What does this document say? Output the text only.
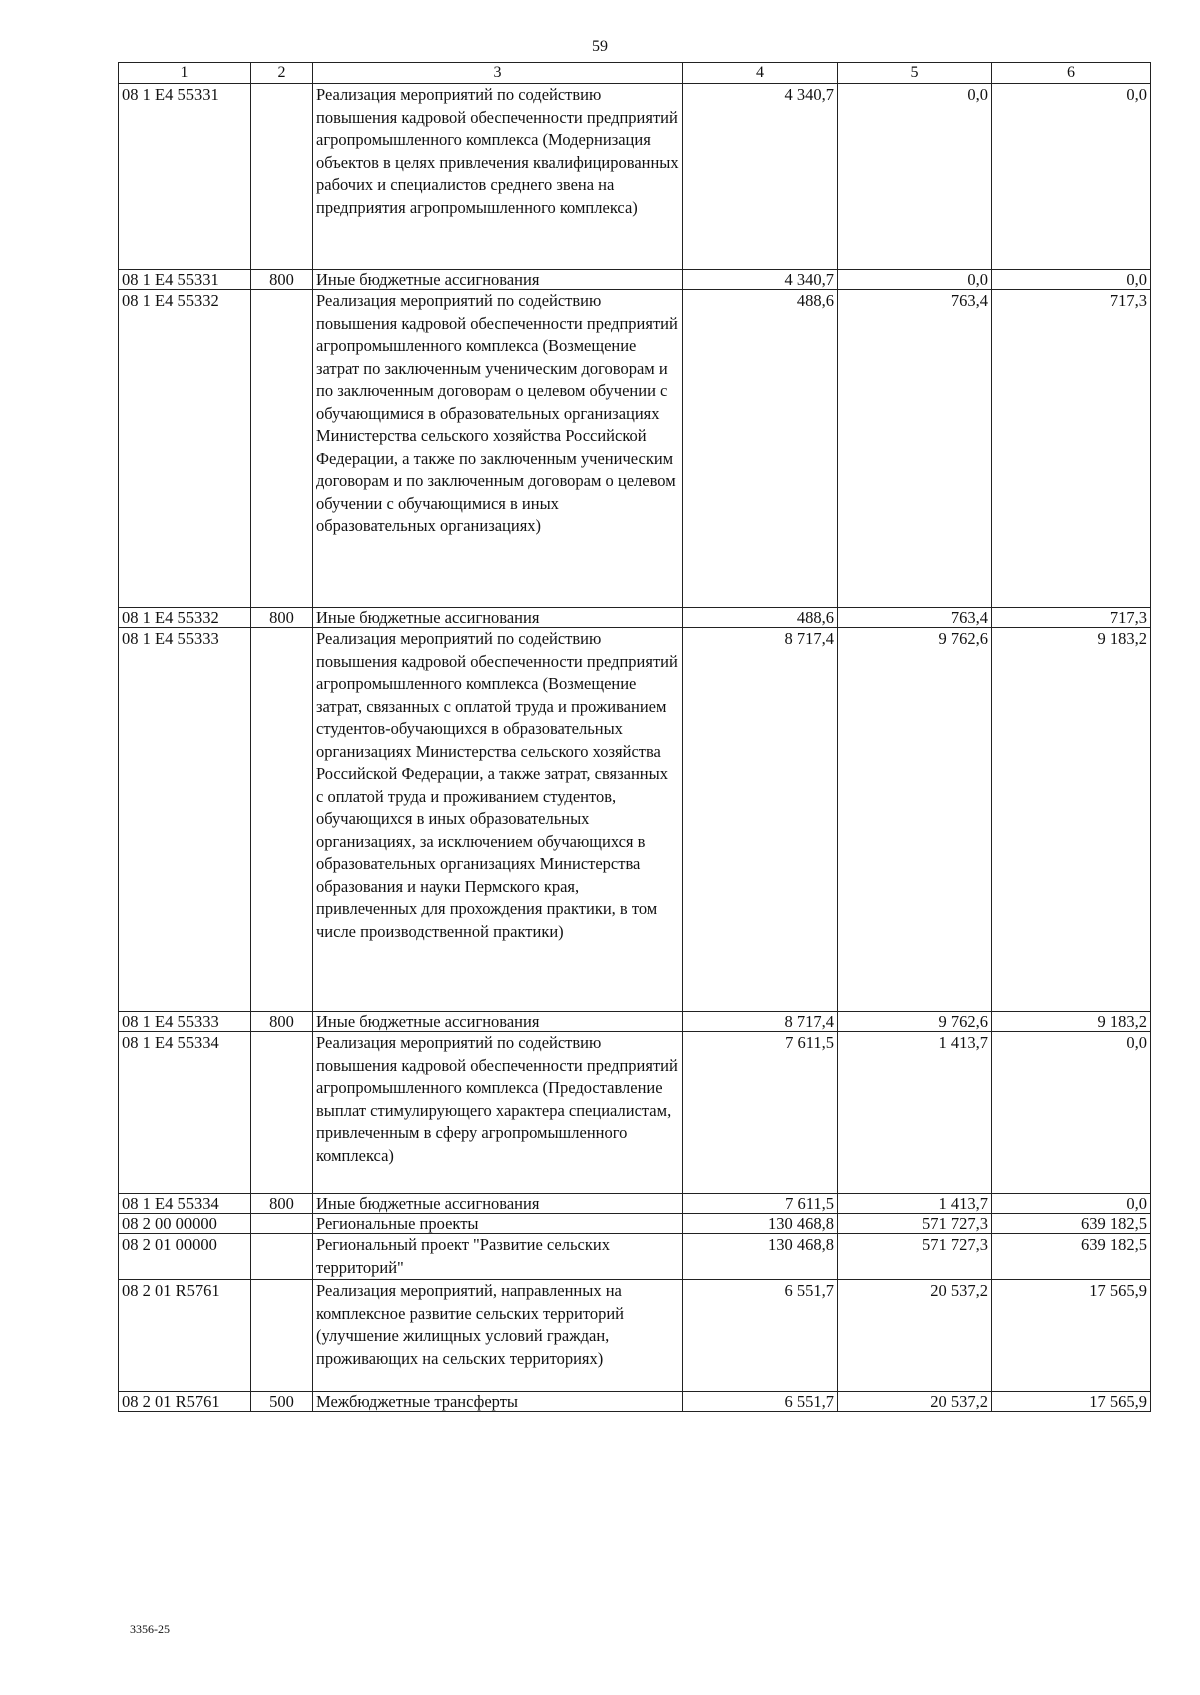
59
1	2	3	4	5	6
08 1 E4 55331		Реализация мероприятий по содействию повышения кадровой обеспеченности предприятий агропромышленного комплекса (Модернизация объектов в целях привлечения квалифицированных рабочих и специалистов среднего звена на предприятия агропромышленного комплекса)	4 340,7	0,0	0,0
08 1 E4 55331	800	Иные бюджетные ассигнования	4 340,7	0,0	0,0
08 1 E4 55332		Реализация мероприятий по содействию повышения кадровой обеспеченности предприятий агропромышленного комплекса (Возмещение затрат по заключенным ученическим договорам и по заключенным договорам о целевом обучении с обучающимися в образовательных организациях Министерства сельского хозяйства Российской Федерации, а также по заключенным ученическим договорам и по заключенным договорам о целевом обучении с обучающимися в иных образовательных организациях)	488,6	763,4	717,3
08 1 E4 55332	800	Иные бюджетные ассигнования	488,6	763,4	717,3
08 1 E4 55333		Реализация мероприятий по содействию повышения кадровой обеспеченности предприятий агропромышленного комплекса (Возмещение затрат, связанных с оплатой труда и проживанием студентов-обучающихся в образовательных организациях Министерства сельского хозяйства Российской Федерации, а также затрат, связанных с оплатой труда и проживанием студентов, обучающихся в иных образовательных организациях, за исключением обучающихся в образовательных организациях Министерства образования и науки Пермского края, привлеченных для прохождения практики, в том числе производственной практики)	8 717,4	9 762,6	9 183,2
08 1 E4 55333	800	Иные бюджетные ассигнования	8 717,4	9 762,6	9 183,2
08 1 E4 55334		Реализация мероприятий по содействию повышения кадровой обеспеченности предприятий агропромышленного комплекса (Предоставление выплат стимулирующего характера специалистам, привлеченным в сферу агропромышленного комплекса)	7 611,5	1 413,7	0,0
08 1 E4 55334	800	Иные бюджетные ассигнования	7 611,5	1 413,7	0,0
08 2 00 00000		Региональные проекты	130 468,8	571 727,3	639 182,5
08 2 01 00000		Региональный проект "Развитие сельских территорий"	130 468,8	571 727,3	639 182,5
08 2 01 R5761		Реализация мероприятий, направленных на комплексное развитие сельских территорий (улучшение жилищных условий граждан, проживающих на сельских территориях)	6 551,7	20 537,2	17 565,9
08 2 01 R5761	500	Межбюджетные трансферты	6 551,7	20 537,2	17 565,9
3356-25
